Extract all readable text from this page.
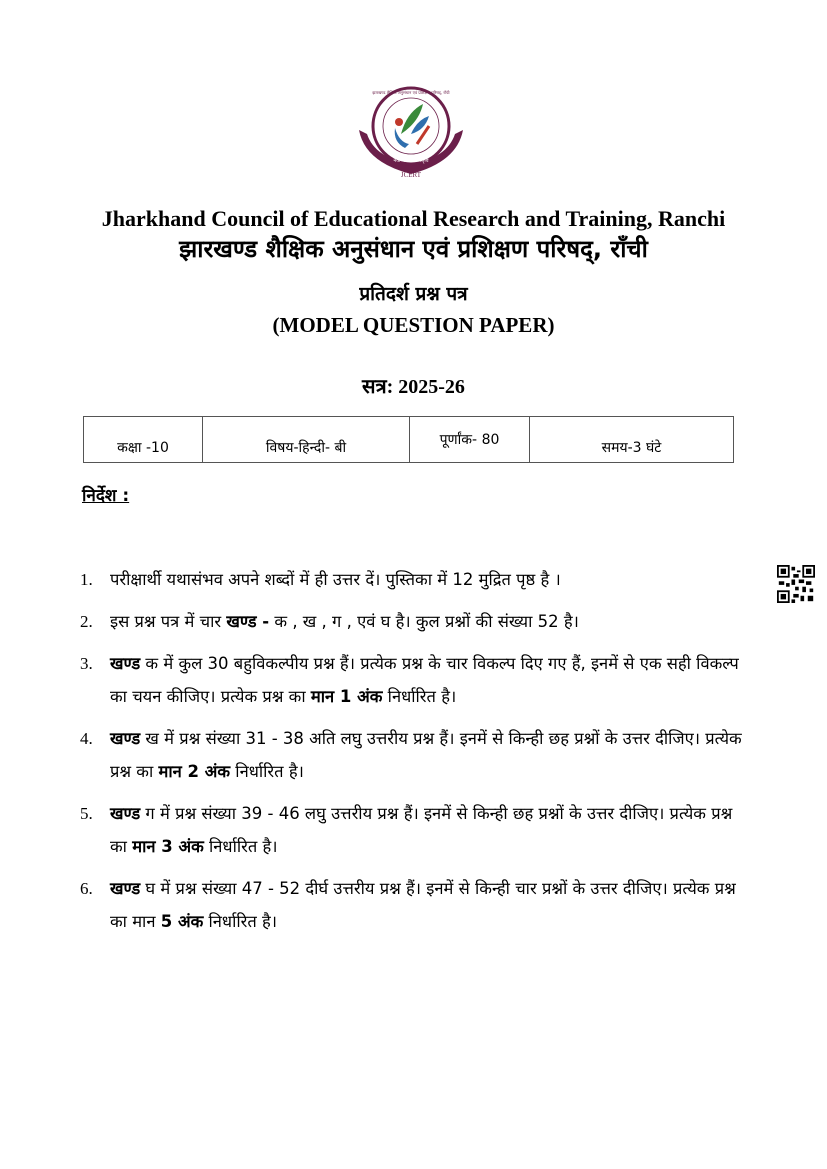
झारखण्ड शैक्षिक अनुसंधान एवं प्रशिक्षण परिषद्, राँची
नवोन्मेष शोध नेतृत्व
JCERT
Jharkhand Council of Educational Research and Training, Ranchi
झारखण्ड शैक्षिक अनुसंधान एवं प्रशिक्षण परिषद्, राँची
प्रतिदर्श प्रश्न पत्र
(MODEL QUESTION PAPER)
सत्र: 2025-26
कक्षा -10	विषय-हिन्दी- बी	पूर्णांक- 80	समय-3 घंटे
निर्देश :
1. परीक्षार्थी यथासंभव अपने शब्दों में ही उत्तर दें। पुस्तिका में 12 मुद्रित पृष्ठ है ।
2. इस प्रश्न पत्र में चार खण्ड - क , ख , ग , एवं घ है। कुल प्रश्नों की संख्या 52 है।
3. खण्ड क में कुल 30 बहुविकल्पीय प्रश्न हैं। प्रत्येक प्रश्न के चार विकल्प दिए गए हैं, इनमें से एक सही विकल्प का चयन कीजिए। प्रत्येक प्रश्न का मान 1 अंक निर्धारित है।
4. खण्ड ख में प्रश्न संख्या 31 - 38 अति लघु उत्तरीय प्रश्न हैं। इनमें से किन्ही छह प्रश्नों के उत्तर दीजिए। प्रत्येक प्रश्न का मान 2 अंक निर्धारित है।
5. खण्ड ग में प्रश्न संख्या 39 - 46 लघु उत्तरीय प्रश्न हैं। इनमें से किन्ही छह प्रश्नों के उत्तर दीजिए। प्रत्येक प्रश्न का मान 3 अंक निर्धारित है।
6. खण्ड घ में प्रश्न संख्या 47 - 52 दीर्घ उत्तरीय प्रश्न हैं। इनमें से किन्ही चार प्रश्नों के उत्तर दीजिए। प्रत्येक प्रश्न का मान 5 अंक निर्धारित है।
